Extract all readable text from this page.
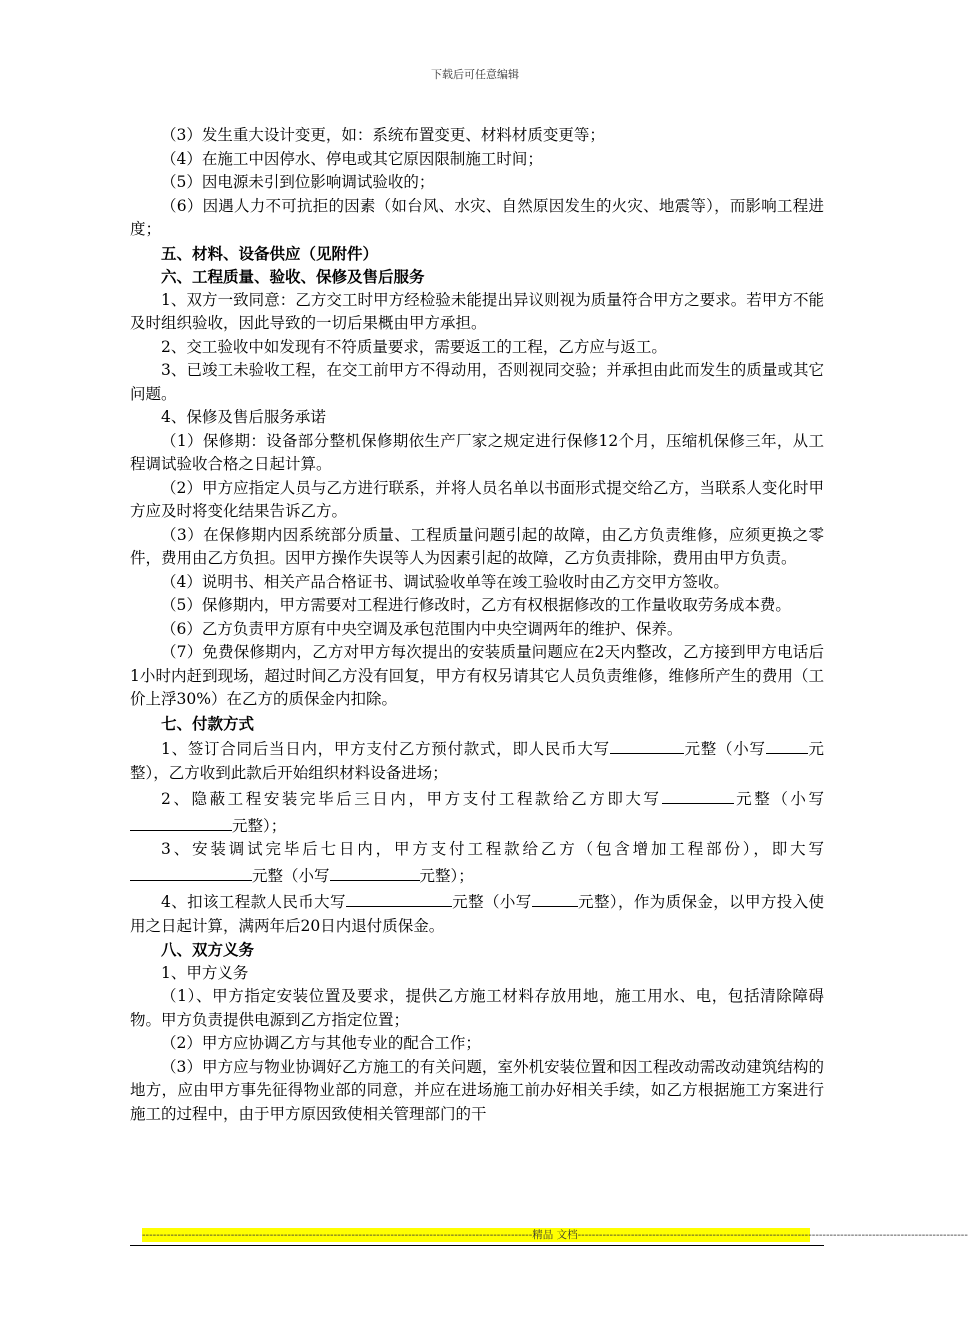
下载后可任意编辑

（3）发生重大设计变更，如：系统布置变更、材料材质变更等；

（4）在施工中因停水、停电或其它原因限制施工时间；

（5）因电源未引到位影响调试验收的；

（6）因遇人力不可抗拒的因素（如台风、水灾、自然原因发生的火灾、地震等），而影响工程进度；

五、材料、设备供应（见附件）

六、工程质量、验收、保修及售后服务

1、双方一致同意：乙方交工时甲方经检验未能提出异议则视为质量符合甲方之要求。若甲方不能及时组织验收，因此导致的一切后果概由甲方承担。

2、交工验收中如发现有不符质量要求，需要返工的工程，乙方应与返工。

3、已竣工未验收工程，在交工前甲方不得动用，否则视同交验；并承担由此而发生的质量或其它问题。

4、保修及售后服务承诺

（1）保修期：设备部分整机保修期依生产厂家之规定进行保修12个月，压缩机保修三年，从工程调试验收合格之日起计算。

（2）甲方应指定人员与乙方进行联系，并将人员名单以书面形式提交给乙方，当联系人变化时甲方应及时将变化结果告诉乙方。

（3）在保修期内因系统部分质量、工程质量问题引起的故障，由乙方负责维修，应须更换之零件，费用由乙方负担。因甲方操作失误等人为因素引起的故障，乙方负责排除，费用由甲方负责。

（4）说明书、相关产品合格证书、调试验收单等在竣工验收时由乙方交甲方签收。

（5）保修期内，甲方需要对工程进行修改时，乙方有权根据修改的工作量收取劳务成本费。

（6）乙方负责甲方原有中央空调及承包范围内中央空调两年的维护、保养。

（7）免费保修期内，乙方对甲方每次提出的安装质量问题应在2天内整改，乙方接到甲方电话后1小时内赶到现场，超过时间乙方没有回复，甲方有权另请其它人员负责维修，维修所产生的费用（工价上浮30%）在乙方的质保金内扣除。

七、付款方式

1、签订合同后当日内，甲方支付乙方预付款式，即人民币大写	元整（小写	元整），乙方收到此款后开始组织材料设备进场；

2、隐蔽工程安装完毕后三日内，甲方支付工程款给乙方即大写	元整（小写元整）；

3、安装调试完毕后七日内，甲方支付工程款给乙方（包含增加工程部份），即大写元整（小写	元整）；

4、扣该工程款人民币大写	元整（小写	元整），作为质保金，以甲方投入使用之日起计算，满两年后20日内退付质保金。

八、双方义务

1、甲方义务

（1）、甲方指定安装位置及要求，提供乙方施工材料存放用地，施工用水、电，包括清除障碍物。甲方负责提供电源到乙方指定位置；

（2）甲方应协调乙方与其他专业的配合工作；

（3）甲方应与物业协调好乙方施工的有关问题，室外机安装位置和因工程改动需改动建筑结构的地方，应由甲方事先征得物业部的同意，并应在进场施工前办好相关手续，如乙方根据施工方案进行施工的过程中，由于甲方原因致使相关管理部门的干

--------------------------------------------------------------------------------------------------------------精品 文档--------------------------------------------------------------------------------------------------------------
